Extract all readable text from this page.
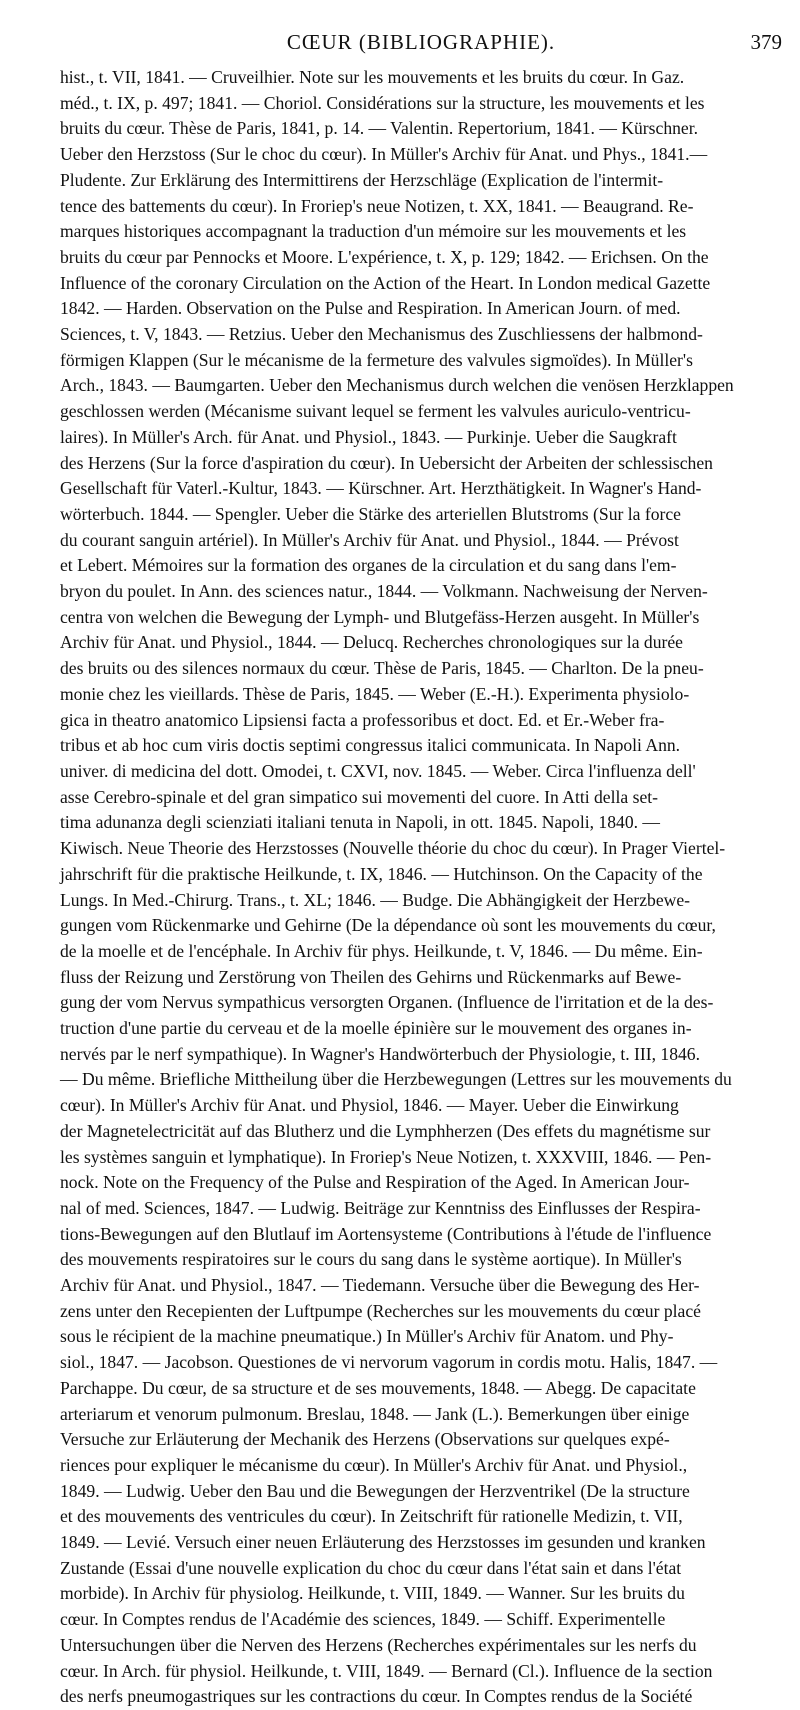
CŒUR (BIBLIOGRAPHIE).	379
hist., t. VII, 1841. — Cruveilhier. Note sur les mouvements et les bruits du cœur. In Gaz.
méd., t. IX, p. 497; 1841. — Choriol. Considérations sur la structure, les mouvements et les
bruits du cœur. Thèse de Paris, 1841, p. 14. — Valentin. Repertorium, 1841. — Kürschner.
Ueber den Herzstoss (Sur le choc du cœur). In Müller's Archiv für Anat. und Phys., 1841.—
Pludente. Zur Erklärung des Intermittirens der Herzschläge (Explication de l'intermit-
tence des battements du cœur). In Froriep's neue Notizen, t. XX, 1841. — Beaugrand. Re-
marques historiques accompagnant la traduction d'un mémoire sur les mouvements et les
bruits du cœur par Pennocks et Moore. L'expérience, t. X, p. 129; 1842. — Erichsen. On the
Influence of the coronary Circulation on the Action of the Heart. In London medical Gazette
1842. — Harden. Observation on the Pulse and Respiration. In American Journ. of med.
Sciences, t. V, 1843. — Retzius. Ueber den Mechanismus des Zuschliessens der halbmond-
förmigen Klappen (Sur le mécanisme de la fermeture des valvules sigmoïdes). In Müller's
Arch., 1843. — Baumgarten. Ueber den Mechanismus durch welchen die venösen Herzklappen
geschlossen werden (Mécanisme suivant lequel se ferment les valvules auriculo-ventricu-
laires). In Müller's Arch. für Anat. und Physiol., 1843. — Purkinje. Ueber die Saugkraft
des Herzens (Sur la force d'aspiration du cœur). In Uebersicht der Arbeiten der schlessischen
Gesellschaft für Vaterl.-Kultur, 1843. — Kürschner. Art. Herzthätigkeit. In Wagner's Hand-
wörterbuch. 1844. — Spengler. Ueber die Stärke des arteriellen Blutstroms (Sur la force
du courant sanguin artériel). In Müller's Archiv für Anat. und Physiol., 1844. — Prévost
et Lebert. Mémoires sur la formation des organes de la circulation et du sang dans l'em-
bryon du poulet. In Ann. des sciences natur., 1844. — Volkmann. Nachweisung der Nerven-
centra von welchen die Bewegung der Lymph- und Blutgefäss-Herzen ausgeht. In Müller's
Archiv für Anat. und Physiol., 1844. — Delucq. Recherches chronologiques sur la durée
des bruits ou des silences normaux du cœur. Thèse de Paris, 1845. — Charlton. De la pneu-
monie chez les vieillards. Thèse de Paris, 1845. — Weber (E.-H.). Experimenta physiolo-
gica in theatro anatomico Lipsiensi facta a professoribus et doct. Ed. et Er.-Weber fra-
tribus et ab hoc cum viris doctis septimi congressus italici communicata. In Napoli Ann.
univer. di medicina del dott. Omodei, t. CXVI, nov. 1845. — Weber. Circa l'influenza dell'
asse Cerebro-spinale et del gran simpatico sui movementi del cuore. In Atti della set-
tima adunanza degli scienziati italiani tenuta in Napoli, in ott. 1845. Napoli, 1840. —
Kiwisch. Neue Theorie des Herzstosses (Nouvelle théorie du choc du cœur). In Prager Viertel-
jahrschrift für die praktische Heilkunde, t. IX, 1846. — Hutchinson. On the Capacity of the
Lungs. In Med.-Chirurg. Trans., t. XL; 1846. — Budge. Die Abhängigkeit der Herzbewe-
gungen vom Rückenmarke und Gehirne (De la dépendance où sont les mouvements du cœur,
de la moelle et de l'encéphale. In Archiv für phys. Heilkunde, t. V, 1846. — Du même. Ein-
fluss der Reizung und Zerstörung von Theilen des Gehirns und Rückenmarks auf Bewe-
gung der vom Nervus sympathicus versorgten Organen. (Influence de l'irritation et de la des-
truction d'une partie du cerveau et de la moelle épinière sur le mouvement des organes in-
nervés par le nerf sympathique). In Wagner's Handwörterbuch der Physiologie, t. III, 1846.
— Du même. Briefliche Mittheilung über die Herzbewegungen (Lettres sur les mouvements du
cœur). In Müller's Archiv für Anat. und Physiol, 1846. — Mayer. Ueber die Einwirkung
der Magnetelectricität auf das Blutherz und die Lymphherzen (Des effets du magnétisme sur
les systèmes sanguin et lymphatique). In Froriep's Neue Notizen, t. XXXVIII, 1846. — Pen-
nock. Note on the Frequency of the Pulse and Respiration of the Aged. In American Jour-
nal of med. Sciences, 1847. — Ludwig. Beiträge zur Kenntniss des Einflusses der Respira-
tions-Bewegungen auf den Blutlauf im Aortensysteme (Contributions à l'étude de l'influence
des mouvements respiratoires sur le cours du sang dans le système aortique). In Müller's
Archiv für Anat. und Physiol., 1847. — Tiedemann. Versuche über die Bewegung des Her-
zens unter den Recepienten der Luftpumpe (Recherches sur les mouvements du cœur placé
sous le récipient de la machine pneumatique.) In Müller's Archiv für Anatom. und Phy-
siol., 1847. — Jacobson. Questiones de vi nervorum vagorum in cordis motu. Halis, 1847. —
Parchappe. Du cœur, de sa structure et de ses mouvements, 1848. — Abegg. De capacitate
arteriarum et venorum pulmonum. Breslau, 1848. — Jank (L.). Bemerkungen über einige
Versuche zur Erläuterung der Mechanik des Herzens (Observations sur quelques expé-
riences pour expliquer le mécanisme du cœur). In Müller's Archiv für Anat. und Physiol.,
1849. — Ludwig. Ueber den Bau und die Bewegungen der Herzventrikel (De la structure
et des mouvements des ventricules du cœur). In Zeitschrift für rationelle Medizin, t. VII,
1849. — Levié. Versuch einer neuen Erläuterung des Herzstosses im gesunden und kranken
Zustande (Essai d'une nouvelle explication du choc du cœur dans l'état sain et dans l'état
morbide). In Archiv für physiolog. Heilkunde, t. VIII, 1849. — Wanner. Sur les bruits du
cœur. In Comptes rendus de l'Académie des sciences, 1849. — Schiff. Experimentelle
Untersuchungen über die Nerven des Herzens (Recherches expérimentales sur les nerfs du
cœur. In Arch. für physiol. Heilkunde, t. VIII, 1849. — Bernard (Cl.). Influence de la section
des nerfs pneumogastriques sur les contractions du cœur. In Comptes rendus de la Société
